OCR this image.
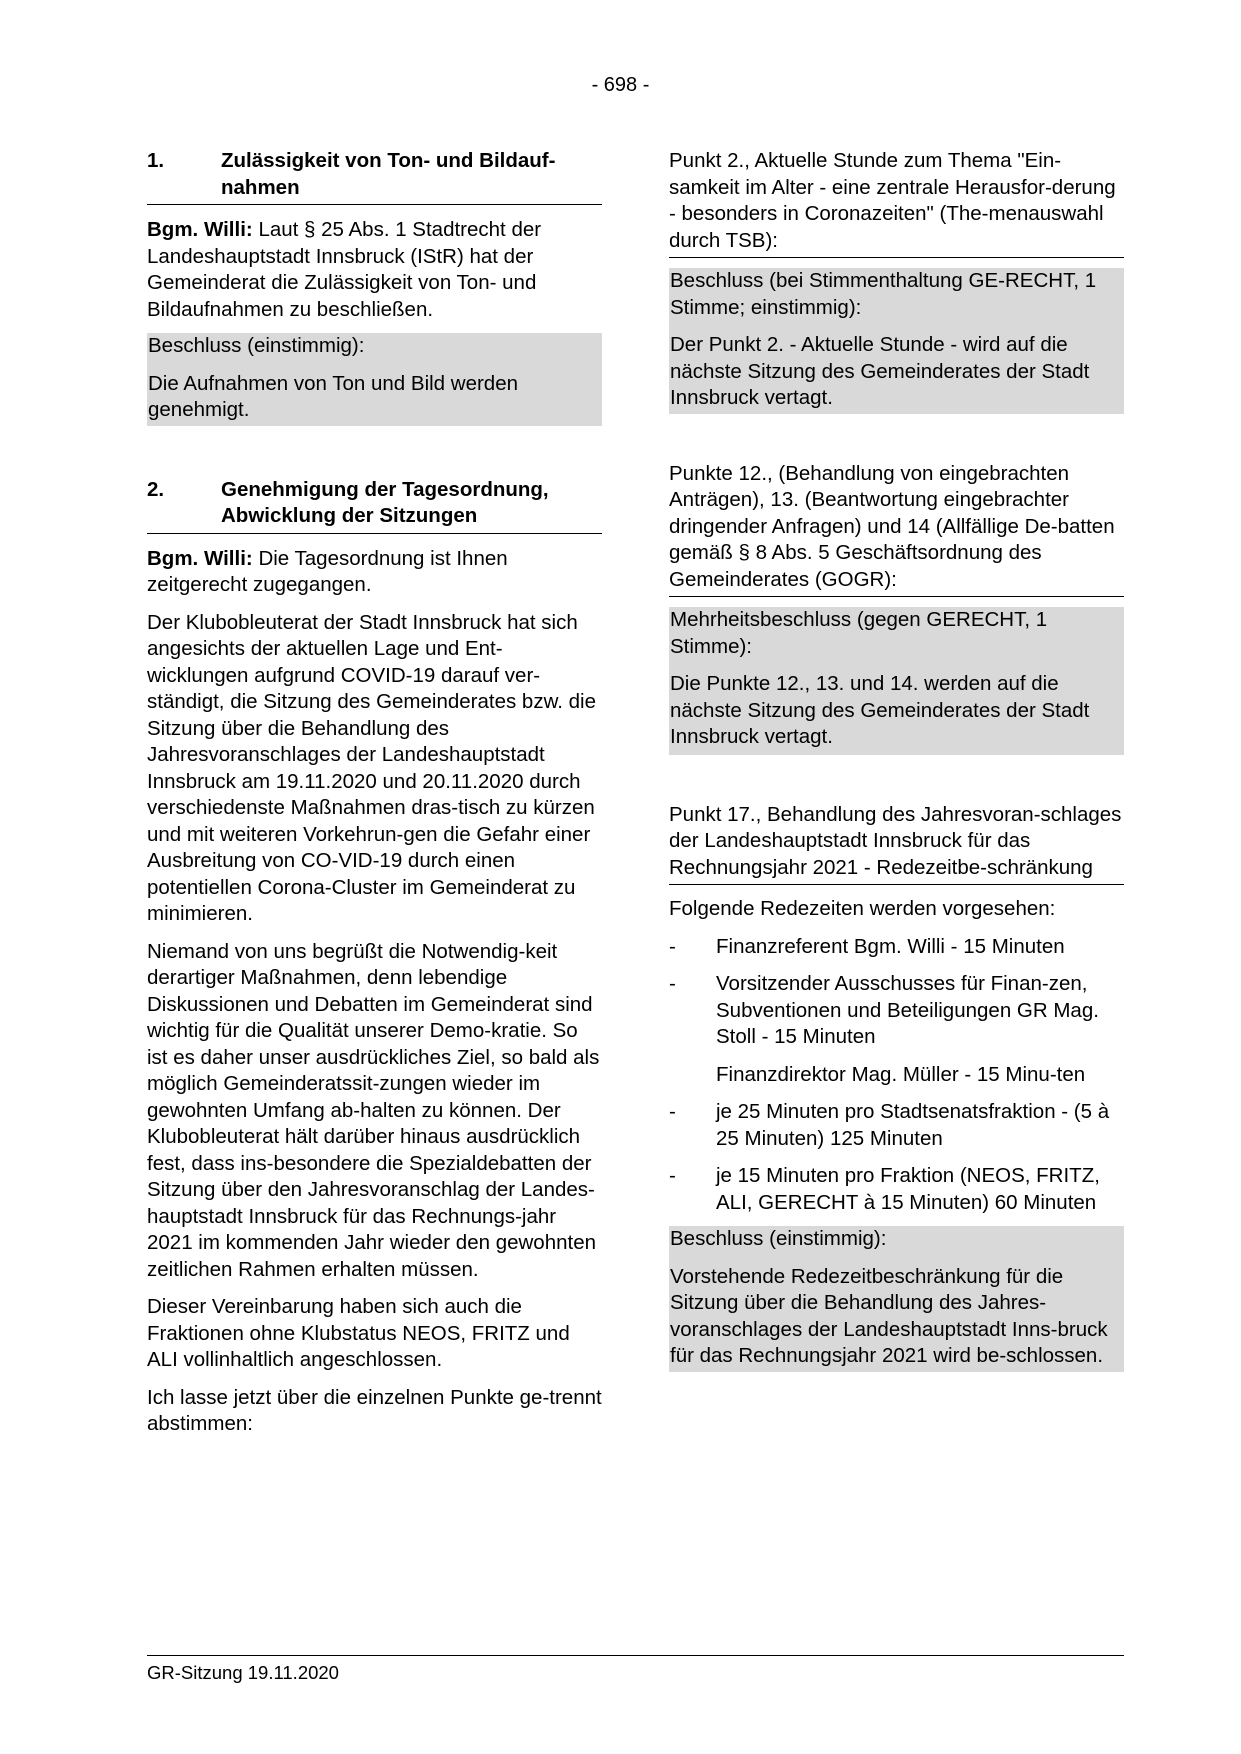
- 698 -
1.	Zulässigkeit von Ton- und Bildauf-nahmen

Bgm. Willi: Laut § 25 Abs. 1 Stadtrecht der Landeshauptstadt Innsbruck (IStR) hat der Gemeinderat die Zulässigkeit von Ton- und Bildaufnahmen zu beschließen.

Beschluss (einstimmig):

Die Aufnahmen von Ton und Bild werden genehmigt.

2.	Genehmigung der Tagesordnung, Abwicklung der Sitzungen

Bgm. Willi: Die Tagesordnung ist Ihnen zeitgerecht zugegangen.

Der Klubobleuterat der Stadt Innsbruck hat sich angesichts der aktuellen Lage und Ent-wicklungen aufgrund COVID-19 darauf ver-ständigt, die Sitzung des Gemeinderates bzw. die Sitzung über die Behandlung des Jahresvoranschlages der Landeshauptstadt Innsbruck am 19.11.2020 und 20.11.2020 durch verschiedenste Maßnahmen dras-tisch zu kürzen und mit weiteren Vorkehrun-gen die Gefahr einer Ausbreitung von CO-VID-19 durch einen potentiellen Corona-Cluster im Gemeinderat zu minimieren.

Niemand von uns begrüßt die Notwendig-keit derartiger Maßnahmen, denn lebendige Diskussionen und Debatten im Gemeinderat sind wichtig für die Qualität unserer Demo-kratie. So ist es daher unser ausdrückliches Ziel, so bald als möglich Gemeinderatssit-zungen wieder im gewohnten Umfang ab-halten zu können. Der Klubobleuterat hält darüber hinaus ausdrücklich fest, dass ins-besondere die Spezialdebatten der Sitzung über den Jahresvoranschlag der Landes-hauptstadt Innsbruck für das Rechnungs-jahr 2021 im kommenden Jahr wieder den gewohnten zeitlichen Rahmen erhalten müssen.

Dieser Vereinbarung haben sich auch die Fraktionen ohne Klubstatus NEOS, FRITZ und ALI vollinhaltlich angeschlossen.

Ich lasse jetzt über die einzelnen Punkte ge-trennt abstimmen:

Punkt 2., Aktuelle Stunde zum Thema "Ein-samkeit im Alter - eine zentrale Herausfor-derung - besonders in Coronazeiten" (The-menauswahl durch TSB):

Beschluss (bei Stimmenthaltung GE-RECHT, 1 Stimme; einstimmig):

Der Punkt 2. - Aktuelle Stunde - wird auf die nächste Sitzung des Gemeinderates der Stadt Innsbruck vertagt.

Punkte 12., (Behandlung von eingebrachten Anträgen), 13. (Beantwortung eingebrachter dringender Anfragen) und 14 (Allfällige De-batten gemäß § 8 Abs. 5 Geschäftsordnung des Gemeinderates (GOGR):

Mehrheitsbeschluss (gegen GERECHT, 1 Stimme):

Die Punkte 12., 13. und 14. werden auf die nächste Sitzung des Gemeinderates der Stadt Innsbruck vertagt.

Punkt 17., Behandlung des Jahresvoran-schlages der Landeshauptstadt Innsbruck für das Rechnungsjahr 2021 - Redezeitbe-schränkung

Folgende Redezeiten werden vorgesehen:

-	Finanzreferent Bgm. Willi - 15 Minuten
-	Vorsitzender Ausschusses für Finan-zen, Subventionen und Beteiligungen GR Mag. Stoll - 15 Minuten

Finanzdirektor Mag. Müller - 15 Minu-ten

-	je 25 Minuten pro Stadtsenatsfraktion - (5 à 25 Minuten) 125 Minuten
-	je 15 Minuten pro Fraktion (NEOS, FRITZ, ALI, GERECHT à 15 Minuten) 60 Minuten

Beschluss (einstimmig):

Vorstehende Redezeitbeschränkung für die Sitzung über die Behandlung des Jahres-voranschlages der Landeshauptstadt Inns-bruck für das Rechnungsjahr 2021 wird be-schlossen.

GR-Sitzung 19.11.2020
